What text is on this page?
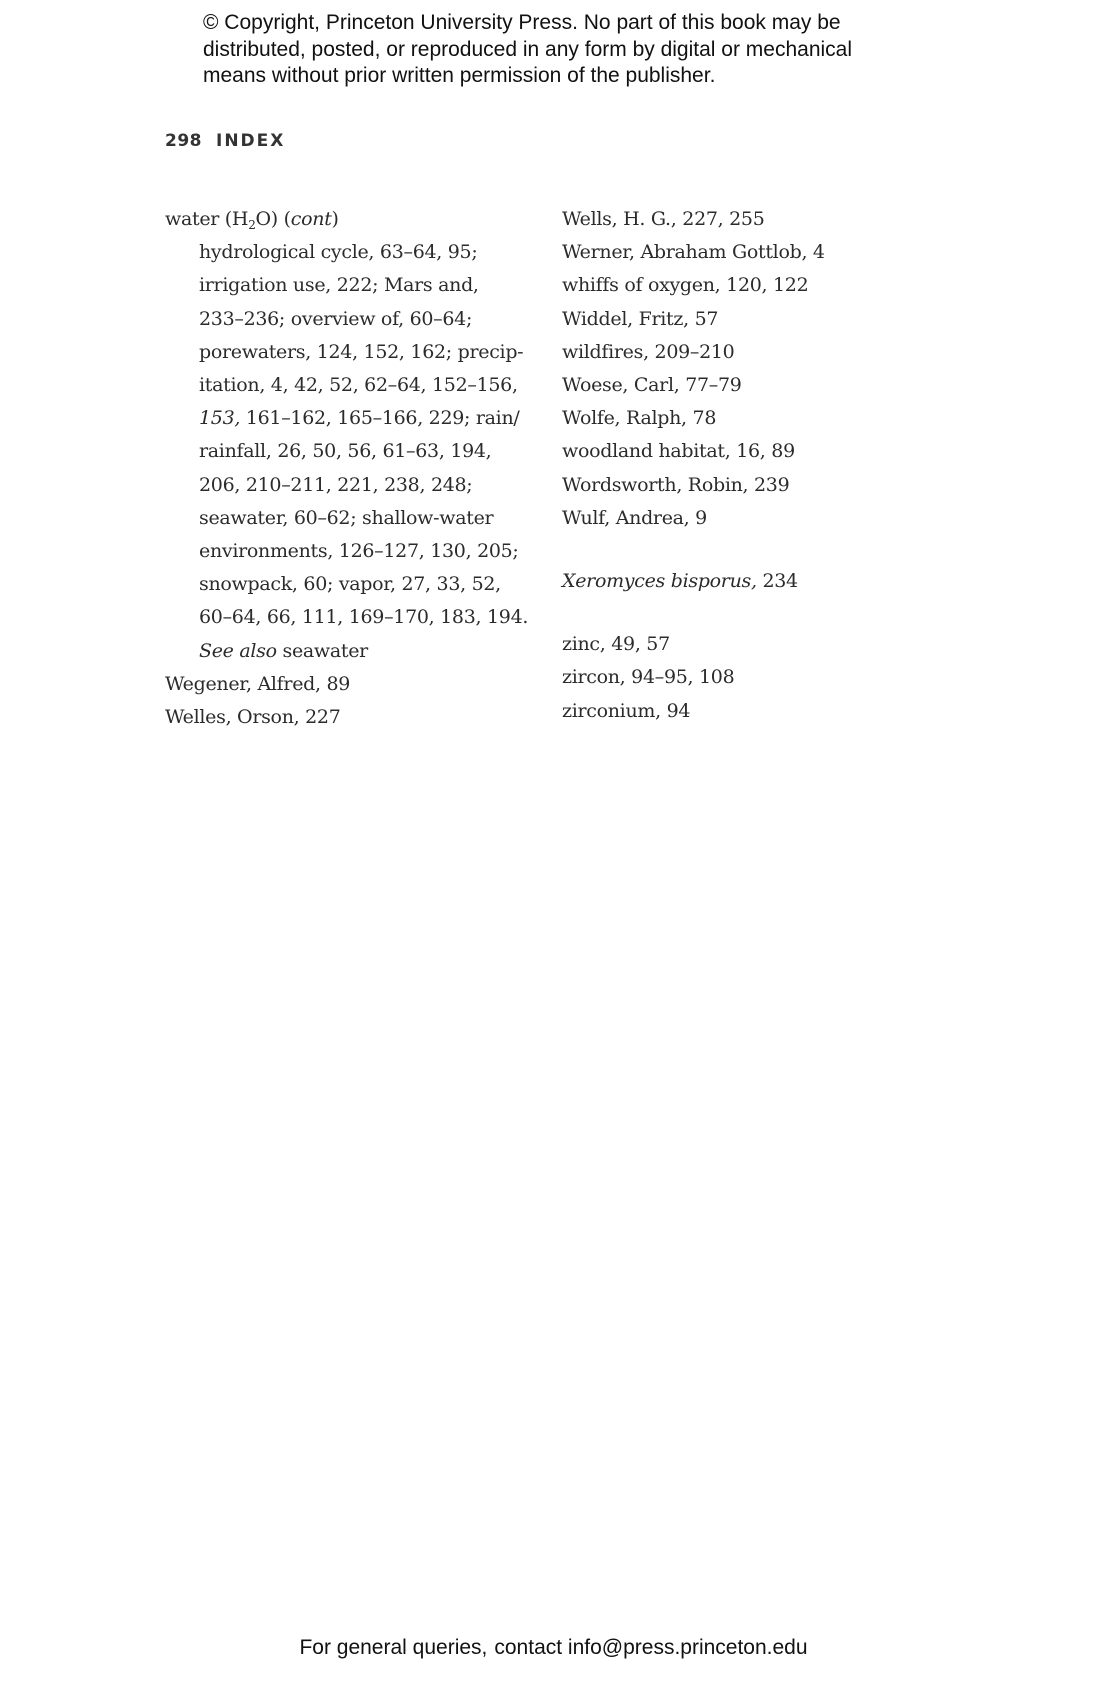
© Copyright, Princeton University Press. No part of this book may be
distributed, posted, or reproduced in any form by digital or mechanical
means without prior written permission of the publisher.
298 INDEX
water $(H_2O)$ (cont)
hydrological cycle, 63–64, 95;
irrigation use, 222; Mars and,
233–236; overview of, 60–64;
porewaters, 124, 152, 162; precip-
itation, 4, 42, 52, 62–64, 152–156,
153, 161–162, 165–166, 229; rain/
rainfall, 26, 50, 56, 61–63, 194,
206, 210–211, 221, 238, 248;
seawater, 60–62; shallow-water
environments, 126–127, 130, 205;
snowpack, 60; vapor, 27, 33, 52,
60–64, 66, 111, 169–170, 183, 194.
See also seawater
Wegener, Alfred, 89
Welles, Orson, 227
Wells, H. G., 227, 255
Werner, Abraham Gottlob, 4
whiffs of oxygen, 120, 122
Widdel, Fritz, 57
wildfires, 209–210
Woese, Carl, 77–79
Wolfe, Ralph, 78
woodland habitat, 16, 89
Wordsworth, Robin, 239
Wulf, Andrea, 9
Xeromyces bisporus, 234
zinc, 49, 57
zircon, 94–95, 108
zirconium, 94
For general queries, contact info@press.princeton.edu
